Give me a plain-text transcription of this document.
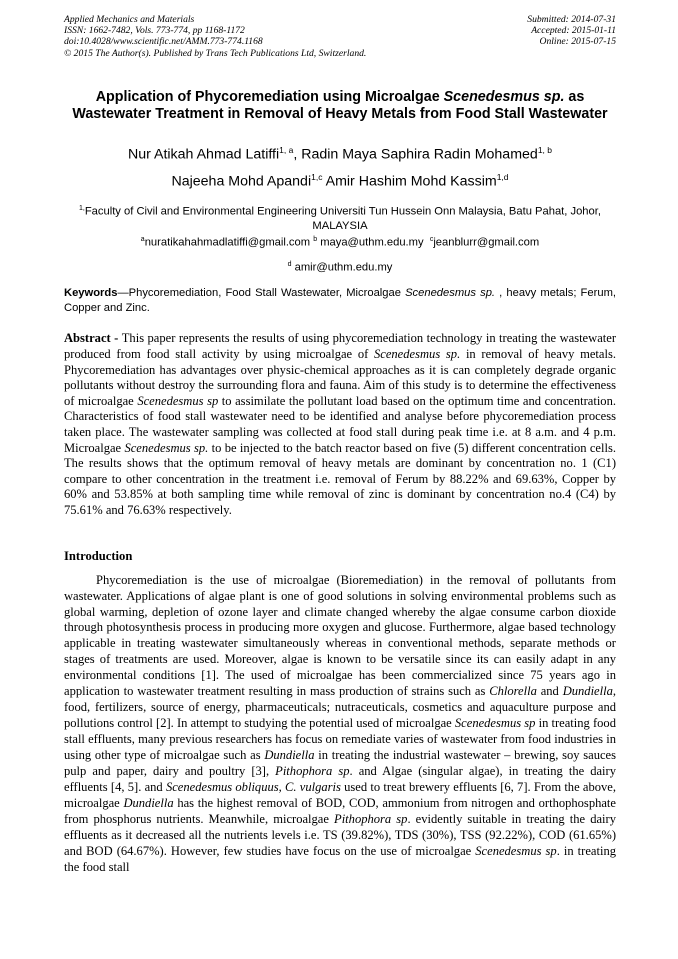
Applied Mechanics and Materials
ISSN: 1662-7482, Vols. 773-774, pp 1168-1172
doi:10.4028/www.scientific.net/AMM.773-774.1168
© 2015 The Author(s). Published by Trans Tech Publications Ltd, Switzerland.
Submitted: 2014-07-31
Accepted: 2015-01-11
Online: 2015-07-15
Application of Phycoremediation using Microalgae Scenedesmus sp. as Wastewater Treatment in Removal of Heavy Metals from Food Stall Wastewater
Nur Atikah Ahmad Latiffi$^{1, a}$, Radin Maya Saphira Radin Mohamed$^{1, b}$
Najeeha Mohd Apandi$^{1,c}$ Amir Hashim Mohd Kassim$^{1,d}$
$^{1,}$Faculty of Civil and Environmental Engineering Universiti Tun Hussein Onn Malaysia, Batu Pahat, Johor, MALAYSIA
$^a$nuratikahahmadlatiffi@gmail.com $^b$ maya@uthm.edu.my $^c$jeanblurr@gmail.com
$^d$ amir@uthm.edu.my
Keywords—Phycoremediation, Food Stall Wastewater, Microalgae Scenedesmus sp. , heavy metals; Ferum, Copper and Zinc.
Abstract - This paper represents the results of using phycoremediation technology in treating the wastewater produced from food stall activity by using microalgae of Scenedesmus sp. in removal of heavy metals. Phycoremediation has advantages over physic-chemical approaches as it is can completely degrade organic pollutants without destroy the surrounding flora and fauna. Aim of this study is to determine the effectiveness of microalgae Scenedesmus sp to assimilate the pollutant load based on the optimum time and concentration. Characteristics of food stall wastewater need to be identified and analyse before phycoremediation process taken place. The wastewater sampling was collected at food stall during peak time i.e. at 8 a.m. and 4 p.m. Microalgae Scenedesmus sp. to be injected to the batch reactor based on five (5) different concentration cells. The results shows that the optimum removal of heavy metals are dominant by concentration no. 1 (C1) compare to other concentration in the treatment i.e. removal of Ferum by 88.22% and 69.63%, Copper by 60% and 53.85% at both sampling time while removal of zinc is dominant by concentration no.4 (C4) by 75.61% and 76.63% respectively.
Introduction
Phycoremediation is the use of microalgae (Bioremediation) in the removal of pollutants from wastewater. Applications of algae plant is one of good solutions in solving environmental problems such as global warming, depletion of ozone layer and climate changed whereby the algae consume carbon dioxide through photosynthesis process in producing more oxygen and glucose. Furthermore, algae based technology applicable in treating wastewater simultaneously whereas in conventional methods, separate methods or stages of treatments are used. Moreover, algae is known to be versatile since its can easily adapt in any environmental conditions [1]. The used of microalgae has been commercialized since 75 years ago in application to wastewater treatment resulting in mass production of strains such as Chlorella and Dundiella, food, fertilizers, source of energy, pharmaceuticals; nutraceuticals, cosmetics and aquaculture purpose and pollutions control [2]. In attempt to studying the potential used of microalgae Scenedesmus sp in treating food stall effluents, many previous researchers has focus on remediate varies of wastewater from food industries in using other type of microalgae such as Dundiella in treating the industrial wastewater – brewing, soy sauces pulp and paper, dairy and poultry [3], Pithophora sp. and Algae (singular algae), in treating the dairy effluents [4, 5]. and Scenedesmus obliquus, C. vulgaris used to treat brewery effluents [6, 7]. From the above, microalgae Dundiella has the highest removal of BOD, COD, ammonium from nitrogen and orthophosphate from phosphorus nutrients. Meanwhile, microalgae Pithophora sp. evidently suitable in treating the dairy effluents as it decreased all the nutrients levels i.e. TS (39.82%), TDS (30%), TSS (92.22%), COD (61.65%) and BOD (64.67%). However, few studies have focus on the use of microalgae Scenedesmus sp. in treating the food stall
